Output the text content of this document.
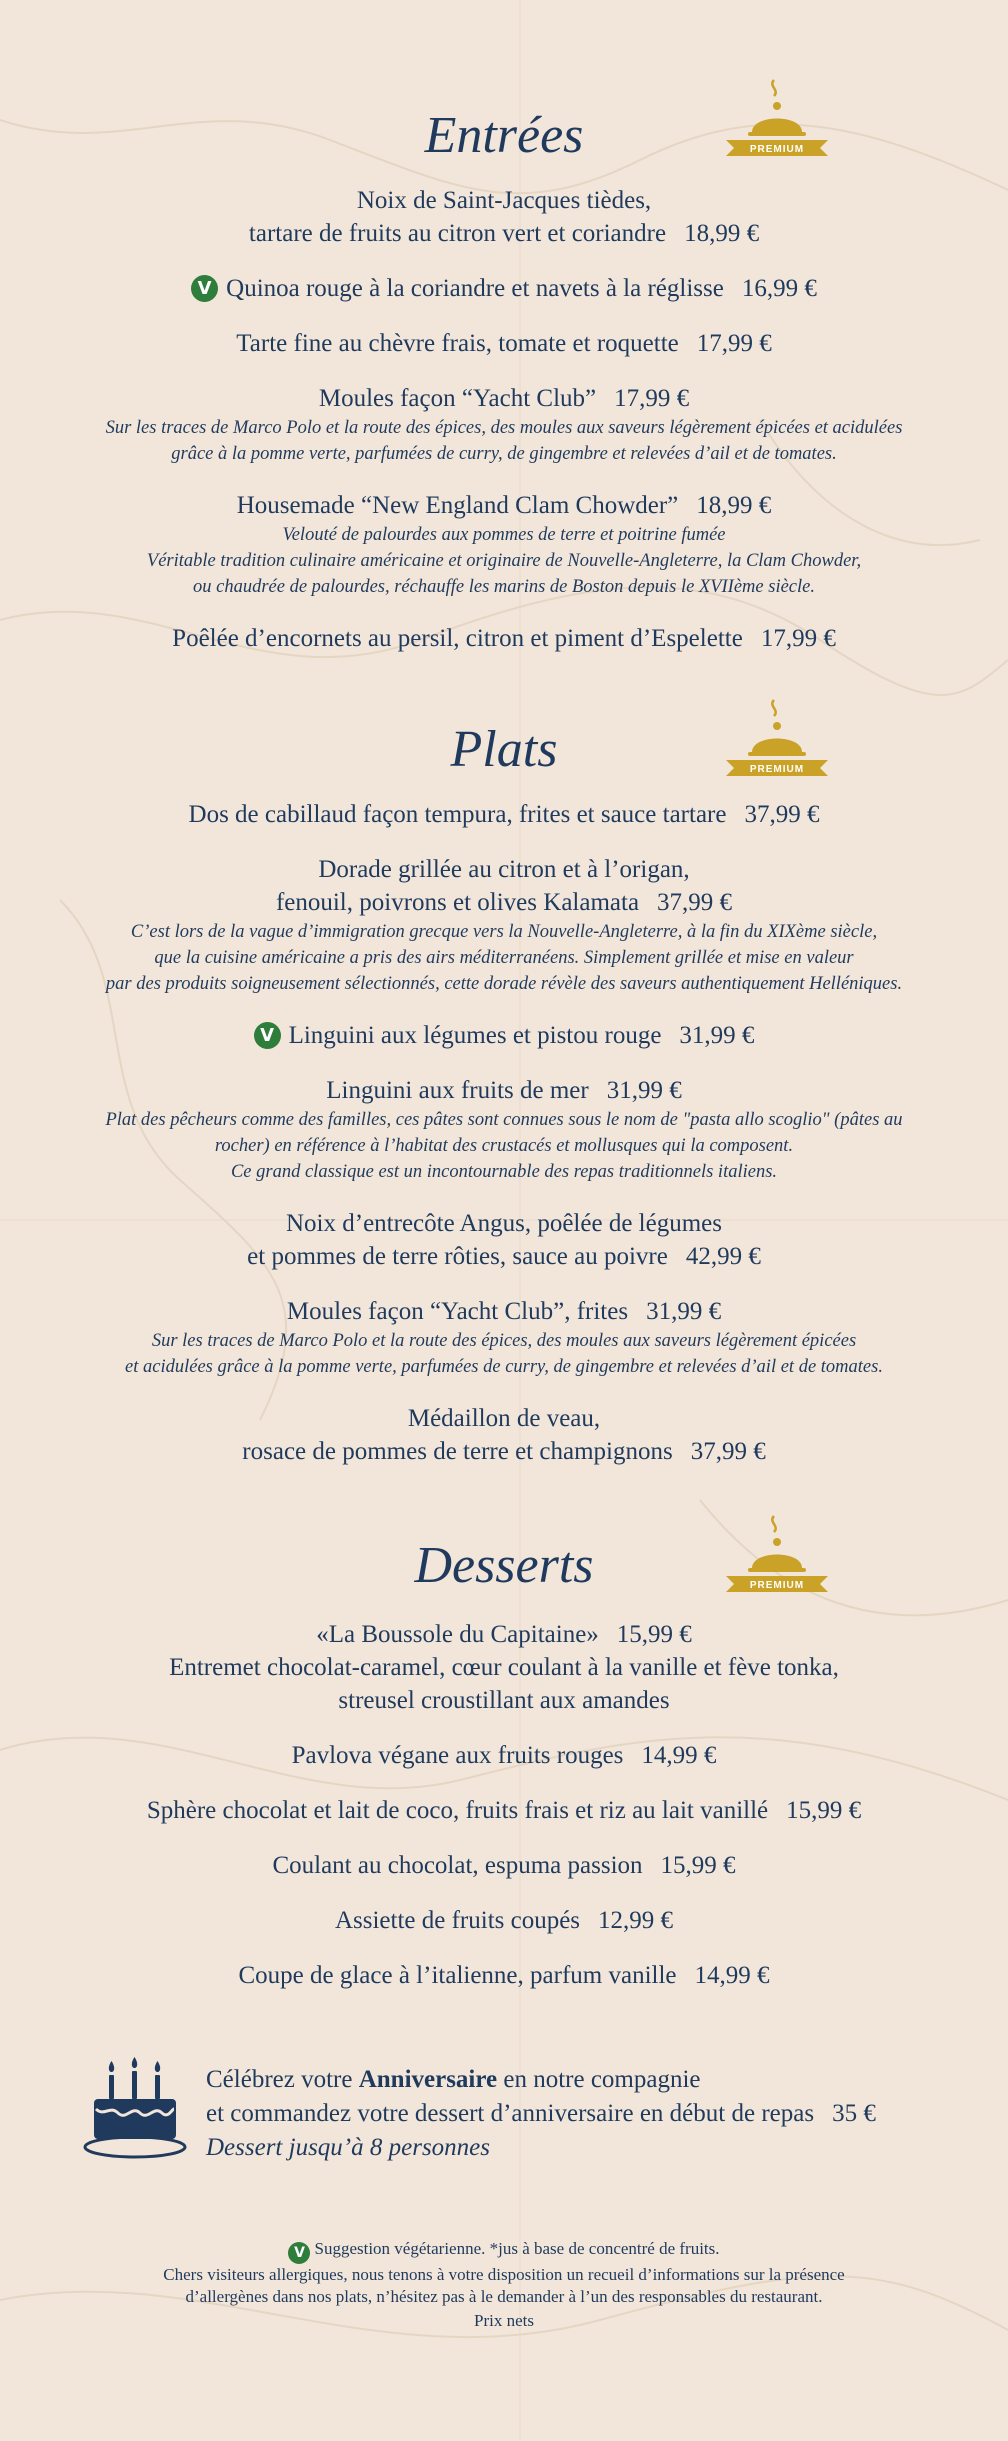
Entrées	PREMIUM
Noix de Saint-Jacques tièdes,
tartare de fruits au citron vert et coriandre 18,99 €
V Quinoa rouge à la coriandre et navets à la réglisse 16,99 €
Tarte fine au chèvre frais, tomate et roquette 17,99 €
Moules façon “Yacht Club” 17,99 €
Sur les traces de Marco Polo et la route des épices, des moules aux saveurs légèrement épicées et acidulées
grâce à la pomme verte, parfumées de curry, de gingembre et relevées d’ail et de tomates.
Housemade “New England Clam Chowder” 18,99 €
Velouté de palourdes aux pommes de terre et poitrine fumée
Véritable tradition culinaire américaine et originaire de Nouvelle-Angleterre, la Clam Chowder,
ou chaudrée de palourdes, réchauffe les marins de Boston depuis le XVIIème siècle.
Poêlée d’encornets au persil, citron et piment d’Espelette 17,99 €
Plats	PREMIUM
Dos de cabillaud façon tempura, frites et sauce tartare 37,99 €
Dorade grillée au citron et à l’origan,
fenouil, poivrons et olives Kalamata 37,99 €
C’est lors de la vague d’immigration grecque vers la Nouvelle-Angleterre, à la fin du XIXème siècle,
que la cuisine américaine a pris des airs méditerranéens. Simplement grillée et mise en valeur
par des produits soigneusement sélectionnés, cette dorade révèle des saveurs authentiquement Helléniques.
V Linguini aux légumes et pistou rouge 31,99 €
Linguini aux fruits de mer 31,99 €
Plat des pêcheurs comme des familles, ces pâtes sont connues sous le nom de "pasta allo scoglio" (pâtes au
rocher) en référence à l’habitat des crustacés et mollusques qui la composent.
Ce grand classique est un incontournable des repas traditionnels italiens.
Noix d’entrecôte Angus, poêlée de légumes
et pommes de terre rôties, sauce au poivre 42,99 €
Moules façon “Yacht Club”, frites 31,99 €
Sur les traces de Marco Polo et la route des épices, des moules aux saveurs légèrement épicées
et acidulées grâce à la pomme verte, parfumées de curry, de gingembre et relevées d’ail et de tomates.
Médaillon de veau,
rosace de pommes de terre et champignons 37,99 €
Desserts	PREMIUM
«La Boussole du Capitaine» 15,99 €
Entremet chocolat-caramel, cœur coulant à la vanille et fève tonka,
streusel croustillant aux amandes
Pavlova végane aux fruits rouges 14,99 €
Sphère chocolat et lait de coco, fruits frais et riz au lait vanillé 15,99 €
Coulant au chocolat, espuma passion 15,99 €
Assiette de fruits coupés 12,99 €
Coupe de glace à l’italienne, parfum vanille 14,99 €
Célébrez votre Anniversaire en notre compagnie
et commandez votre dessert d’anniversaire en début de repas 35 €
Dessert jusqu’à 8 personnes
V Suggestion végétarienne. *jus à base de concentré de fruits.
Chers visiteurs allergiques, nous tenons à votre disposition un recueil d’informations sur la présence
d’allergènes dans nos plats, n’hésitez pas à le demander à l’un des responsables du restaurant.
Prix nets
